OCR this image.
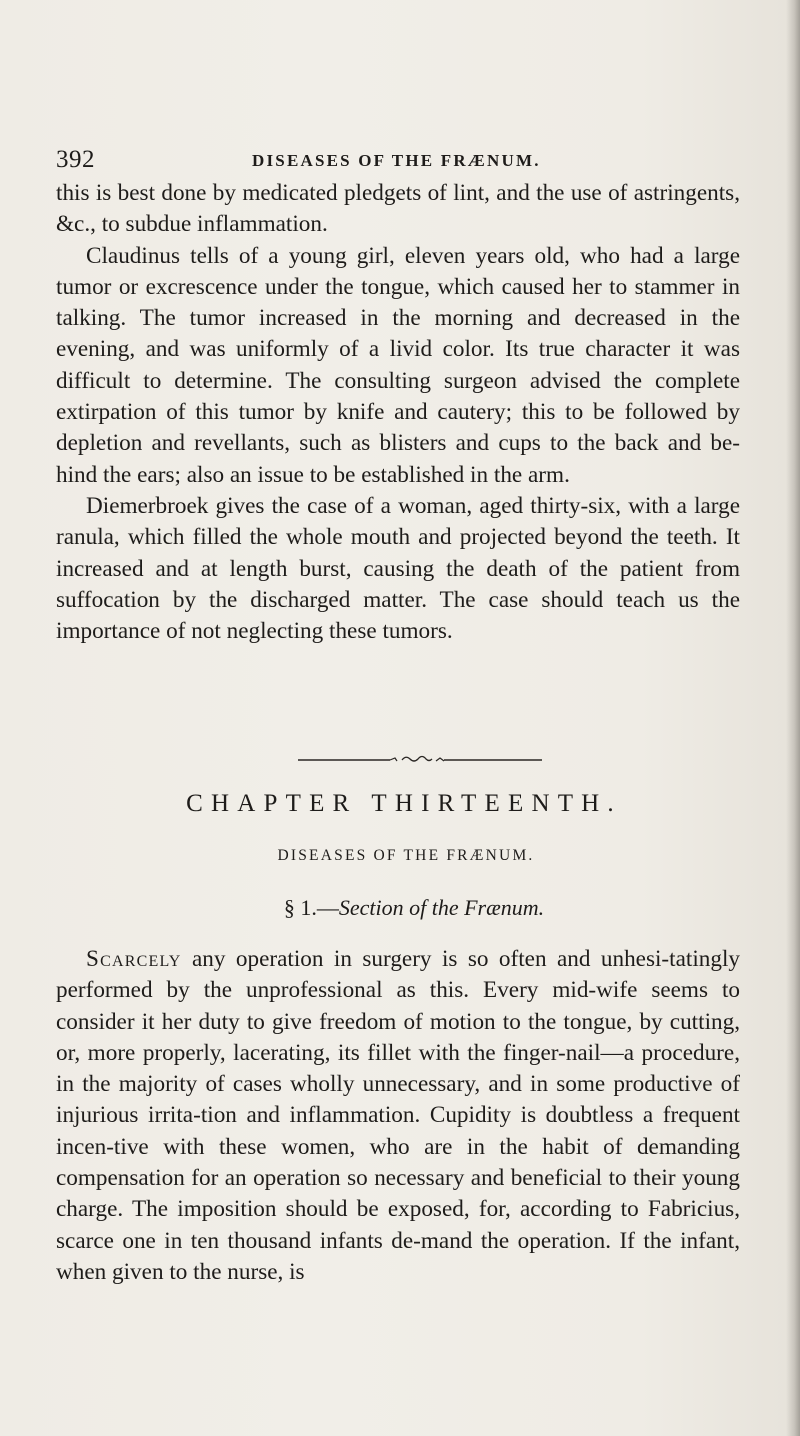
392	DISEASES OF THE FRÆNUM.

this is best done by medicated pledgets of lint, and the use of astringents, &c., to subdue inflammation.

Claudinus tells of a young girl, eleven years old, who had a large tumor or excrescence under the tongue, which caused her to stammer in talking. The tumor increased in the morning and decreased in the evening, and was uniformly of a livid color. Its true character it was difficult to determine. The consulting surgeon advised the complete extirpation of this tumor by knife and cautery; this to be followed by depletion and revellants, such as blisters and cups to the back and be-hind the ears; also an issue to be established in the arm.

Diemerbroek gives the case of a woman, aged thirty-six, with a large ranula, which filled the whole mouth and projected beyond the teeth. It increased and at length burst, causing the death of the patient from suffocation by the discharged matter. The case should teach us the importance of not neglecting these tumors.

CHAPTER THIRTEENTH.
DISEASES OF THE FRÆNUM.
§ 1.—Section of the Frænum.

Scarcely any operation in surgery is so often and unhesi-tatingly performed by the unprofessional as this. Every mid-wife seems to consider it her duty to give freedom of motion to the tongue, by cutting, or, more properly, lacerating, its fillet with the finger-nail—a procedure, in the majority of cases wholly unnecessary, and in some productive of injurious irrita-tion and inflammation. Cupidity is doubtless a frequent incen-tive with these women, who are in the habit of demanding compensation for an operation so necessary and beneficial to their young charge. The imposition should be exposed, for, according to Fabricius, scarce one in ten thousand infants de-mand the operation. If the infant, when given to the nurse, is
